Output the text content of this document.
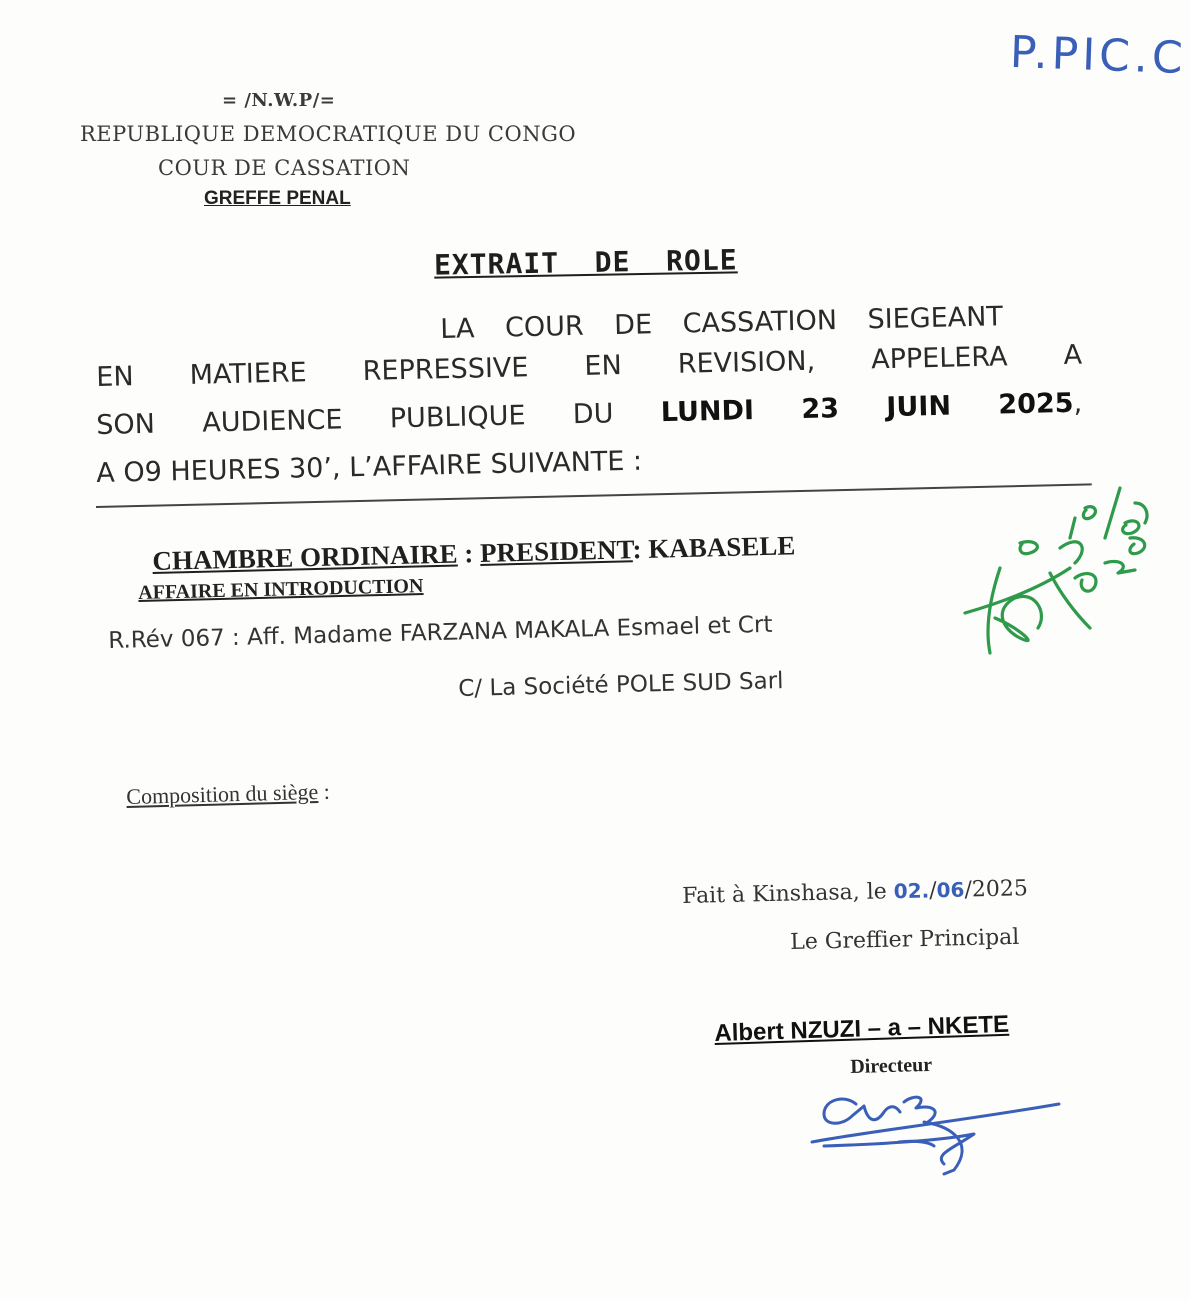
P.PIC.C
= /N.W.P/=
REPUBLIQUE DEMOCRATIQUE DU CONGO
COUR DE CASSATION
GREFFE PENAL
EXTRAIT  DE  ROLE
LA COUR DE CASSATION SIEGEANT
EN MATIERE REPRESSIVE EN REVISION, APPELERA A
SON AUDIENCE PUBLIQUE DU LUNDI 23 JUIN 2025,
A O9 HEURES 30’, L’AFFAIRE SUIVANTE :
CHAMBRE ORDINAIRE : PRESIDENT: KABASELE
AFFAIRE EN INTRODUCTION
R.Rév 067 : Aff. Madame FARZANA MAKALA Esmael et Crt
C/ La Société POLE SUD Sarl
Composition du siège :
Fait à Kinshasa, le 02./06/2025
Le Greffier Principal
Albert NZUZI – a – NKETE
Directeur
